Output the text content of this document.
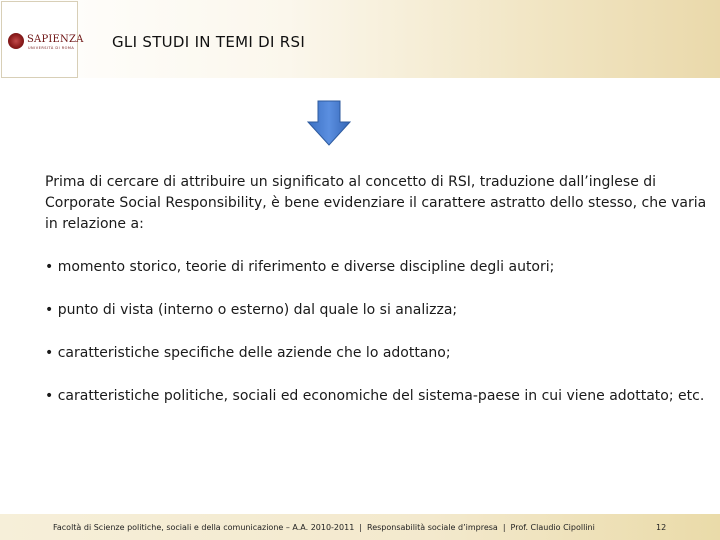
SAPIENZA
UNIVERSITÀ DI ROMA	GLI STUDI IN TEMI DI RSI

Prima di cercare di attribuire un significato al concetto di RSI, traduzione dall’inglese di Corporate Social Responsibility, è bene evidenziare il carattere astratto dello stesso, che varia in relazione a:

• momento storico, teorie di riferimento e diverse discipline degli autori;

• punto di vista (interno o esterno) dal quale lo si analizza;

• caratteristiche specifiche delle aziende che lo adottano;

• caratteristiche politiche, sociali ed economiche del sistema-paese in cui viene adottato; etc.

Facoltà di Scienze politiche, sociali e della comunicazione – A.A. 2010-2011 | Responsabilità sociale d’impresa | Prof. Claudio Cipollini	12
